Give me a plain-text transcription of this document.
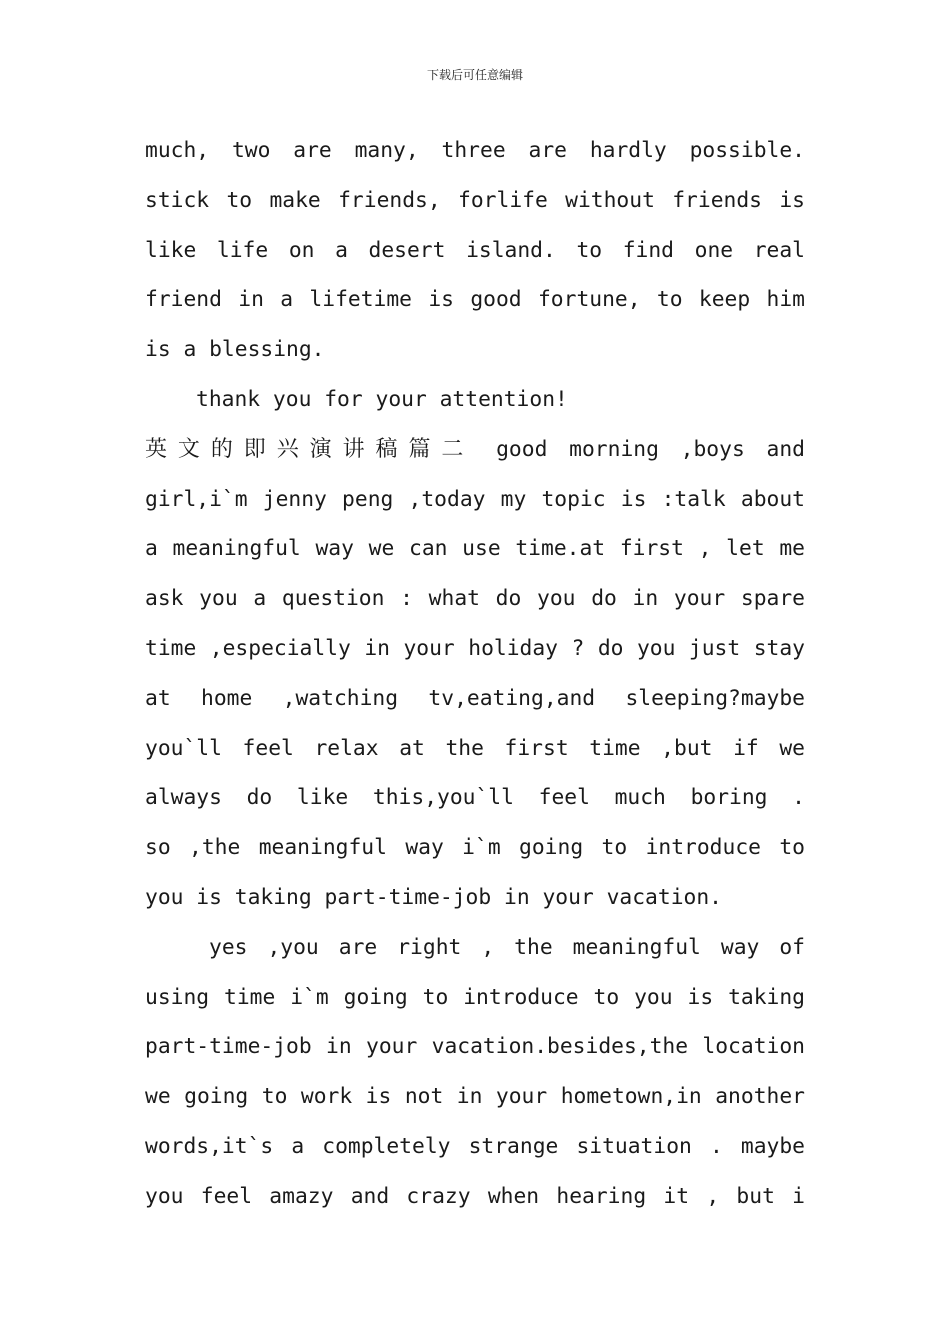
下载后可任意编辑
much, two are many, three are hardly possible.
stick to make friends, forlife without friends is
like life on a desert island. to find one real
friend in a lifetime is good fortune, to keep him
is a blessing.
thank you for your attention!
英文的即兴演讲稿篇二 good morning ,boys and
girl,i`m jenny peng ,today my topic is :talk about
a meaningful way we can use time.at first , let me
ask you a question : what do you do in your spare
time ,especially in your holiday ? do you just stay
at home ,watching tv,eating,and sleeping?maybe
you`ll feel relax at the first time ,but if we
always do like this,you`ll feel much boring .
so ,the meaningful way i`m going to introduce to
you is taking part-time-job in your vacation.
yes ,you are right , the meaningful way of
using time i`m going to introduce to you is taking
part-time-job in your vacation.besides,the location
we going to work is not in your hometown,in another
words,it`s a completely strange situation . maybe
you feel amazy and crazy when hearing it , but i
